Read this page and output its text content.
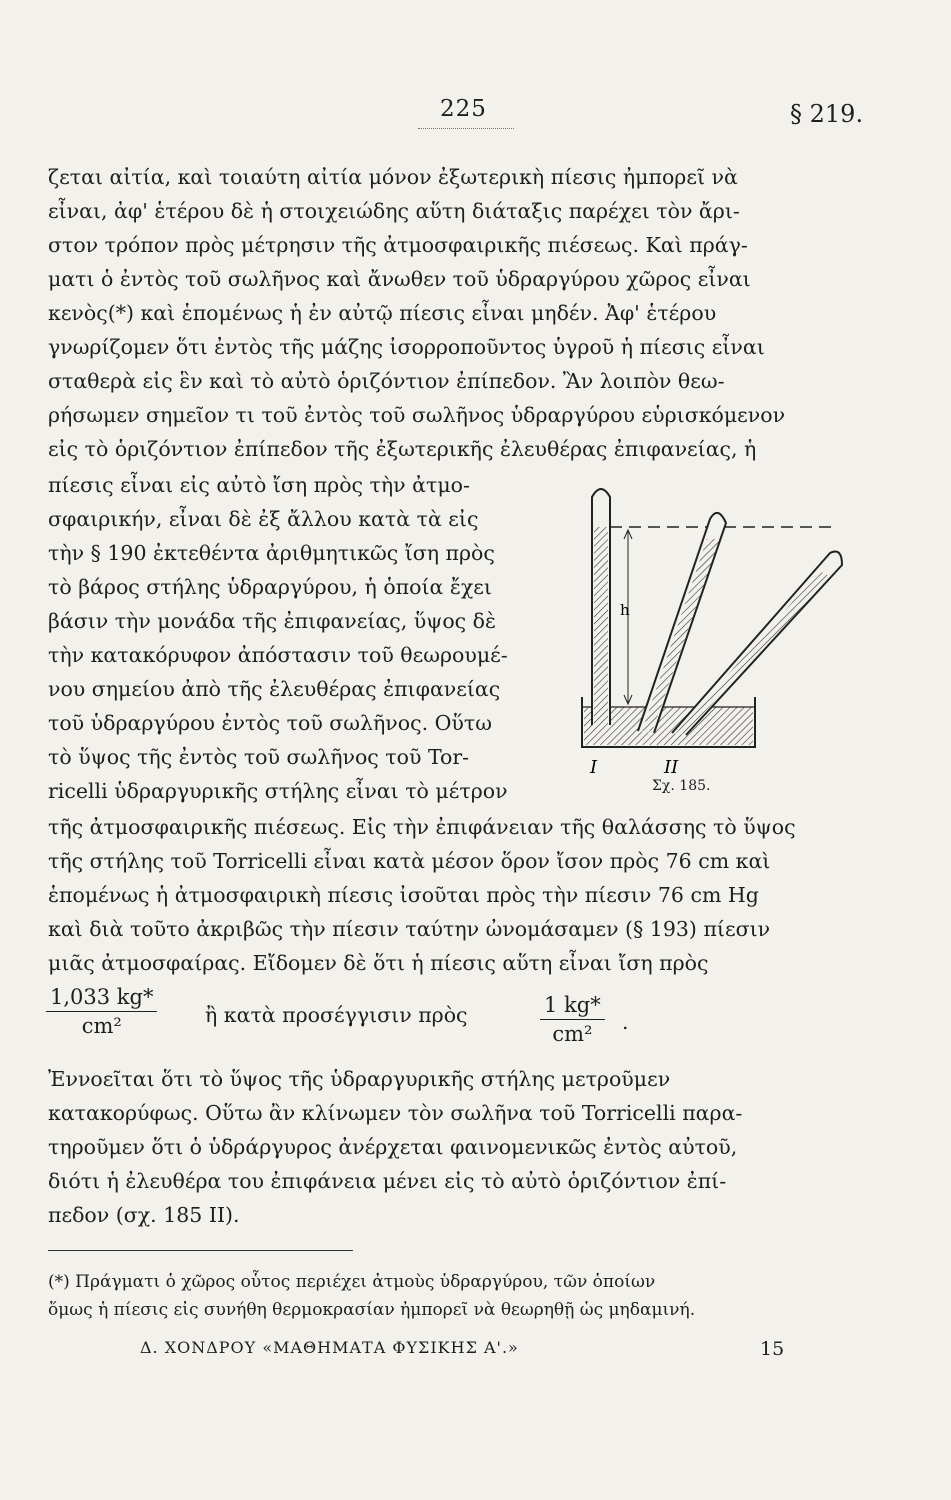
225	§ 219.
ζεται αἰτία, καὶ τοιαύτη αἰτία μόνον ἐξωτερικὴ πίεσις ἠμπορεῖ νὰ
εἶναι, ἀφ' ἑτέρου δὲ ἡ στοιχειώδης αὕτη διάταξις παρέχει τὸν ἄρι-
στον τρόπον πρὸς μέτρησιν τῆς ἀτμοσφαιρικῆς πιέσεως. Καὶ πράγ-
ματι ὁ ἐντὸς τοῦ σωλῆνος καὶ ἄνωθεν τοῦ ὑδραργύρου χῶρος εἶναι
κενὸς(*) καὶ ἑπομένως ἡ ἐν αὐτῷ πίεσις εἶναι μηδέν. Ἀφ' ἑτέρου
γνωρίζομεν ὅτι ἐντὸς τῆς μάζης ἰσορροποῦντος ὑγροῦ ἡ πίεσις εἶναι
σταθερὰ εἰς ἓν καὶ τὸ αὐτὸ ὁριζόντιον ἐπίπεδον. Ἂν λοιπὸν θεω-
ρήσωμεν σημεῖον τι τοῦ ἐντὸς τοῦ σωλῆνος ὑδραργύρου εὑρισκόμενον
εἰς τὸ ὁριζόντιον ἐπίπεδον τῆς ἐξωτερικῆς ἐλευθέρας ἐπιφανείας, ἡ
πίεσις εἶναι εἰς αὐτὸ ἴση πρὸς τὴν ἀτμο-
σφαιρικήν, εἶναι δὲ ἐξ ἄλλου κατὰ τὰ εἰς
τὴν § 190 ἐκτεθέντα ἀριθμητικῶς ἴση πρὸς
τὸ βάρος στήλης ὑδραργύρου, ἡ ὁποία ἔχει
βάσιν τὴν μονάδα τῆς ἐπιφανείας, ὕψος δὲ
τὴν κατακόρυφον ἀπόστασιν τοῦ θεωρουμέ-
νου σημείου ἀπὸ τῆς ἐλευθέρας ἐπιφανείας
τοῦ ὑδραργύρου ἐντὸς τοῦ σωλῆνος. Οὕτω
τὸ ὕψος τῆς ἐντὸς τοῦ σωλῆνος τοῦ Tor-
ricelli ὑδραργυρικῆς στήλης εἶναι τὸ μέτρον
h
I	II
Σχ. 185.
τῆς ἀτμοσφαιρικῆς πιέσεως. Εἰς τὴν ἐπιφάνειαν τῆς θαλάσσης τὸ ὕψος
τῆς στήλης τοῦ Torricelli εἶναι κατὰ μέσον ὅρον ἴσον πρὸς 76 cm καὶ
ἑπομένως ἡ ἀτμοσφαιρικὴ πίεσις ἰσοῦται πρὸς τὴν πίεσιν 76 cm Hg
καὶ διὰ τοῦτο ἀκριβῶς τὴν πίεσιν ταύτην ὠνομάσαμεν (§ 193) πίεσιν
μιᾶς ἀτμοσφαίρας. Εἴδομεν δὲ ὅτι ἡ πίεσις αὕτη εἶναι ἴση πρὸς
$\frac{1,033 kg*}{\text{cm²}}$ ἢ κατὰ προσέγγισιν πρὸς	$\frac{1 kg*}{\text{cm²}}$ .
Ἐννοεῖται ὅτι τὸ ὕψος τῆς ὑδραργυρικῆς στήλης μετροῦμεν
κατακορύφως. Οὕτω ἂν κλίνωμεν τὸν σωλῆνα τοῦ Torricelli παρα-
τηροῦμεν ὅτι ὁ ὑδράργυρος ἀνέρχεται φαινομενικῶς ἐντὸς αὐτοῦ,
διότι ἡ ἐλευθέρα του ἐπιφάνεια μένει εἰς τὸ αὐτὸ ὁριζόντιον ἐπί-
πεδον (σχ. 185 II).
(*) Πράγματι ὁ χῶρος οὗτος περιέχει ἀτμοὺς ὑδραργύρου, τῶν ὁποίων
ὅμως ἡ πίεσις εἰς συνήθη θερμοκρασίαν ἠμπορεῖ νὰ θεωρηθῇ ὡς μηδαμινή.
Δ. ΧΟΝΔΡΟΥ «ΜΑΘΗΜΑΤΑ ΦΥΣΙΚΗΣ Α'.»	15
